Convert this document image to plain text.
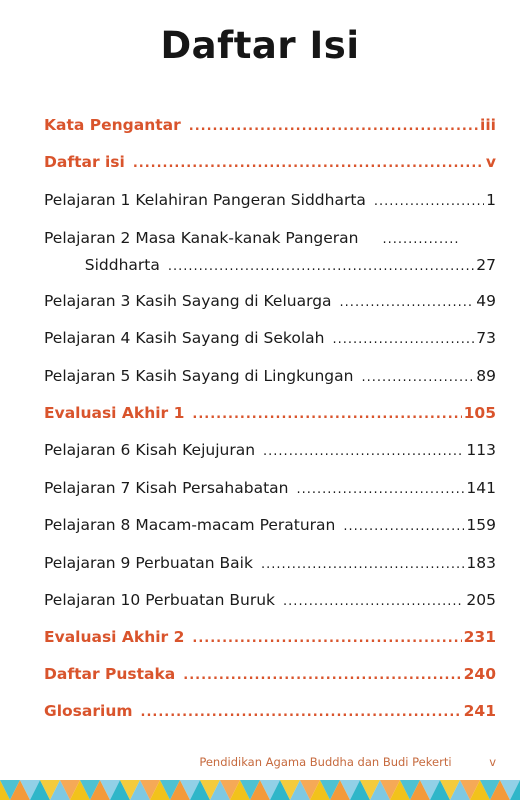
Daftar Isi
Kata Pengantar .....	iii
Daftar isi .....	v
Pelajaran 1 Kelahiran Pangeran Siddharta .....	1
Pelajaran 2 Masa Kanak-kanak Pangeran
.....
Siddharta .....	27
Pelajaran 3 Kasih Sayang di Keluarga .....	49
Pelajaran 4 Kasih Sayang di Sekolah .....	73
Pelajaran 5 Kasih Sayang di Lingkungan .....	89
Evaluasi Akhir 1 .....	105
Pelajaran 6 Kisah Kejujuran .....	113
Pelajaran 7 Kisah Persahabatan .....	141
Pelajaran 8 Macam-macam Peraturan .....	159
Pelajaran 9 Perbuatan Baik .....	183
Pelajaran 10 Perbuatan Buruk .....	205
Evaluasi Akhir 2 .....	231
Daftar Pustaka .....	240
Glosarium .....	241
Pendidikan Agama Buddha dan Budi Pekerti	v
